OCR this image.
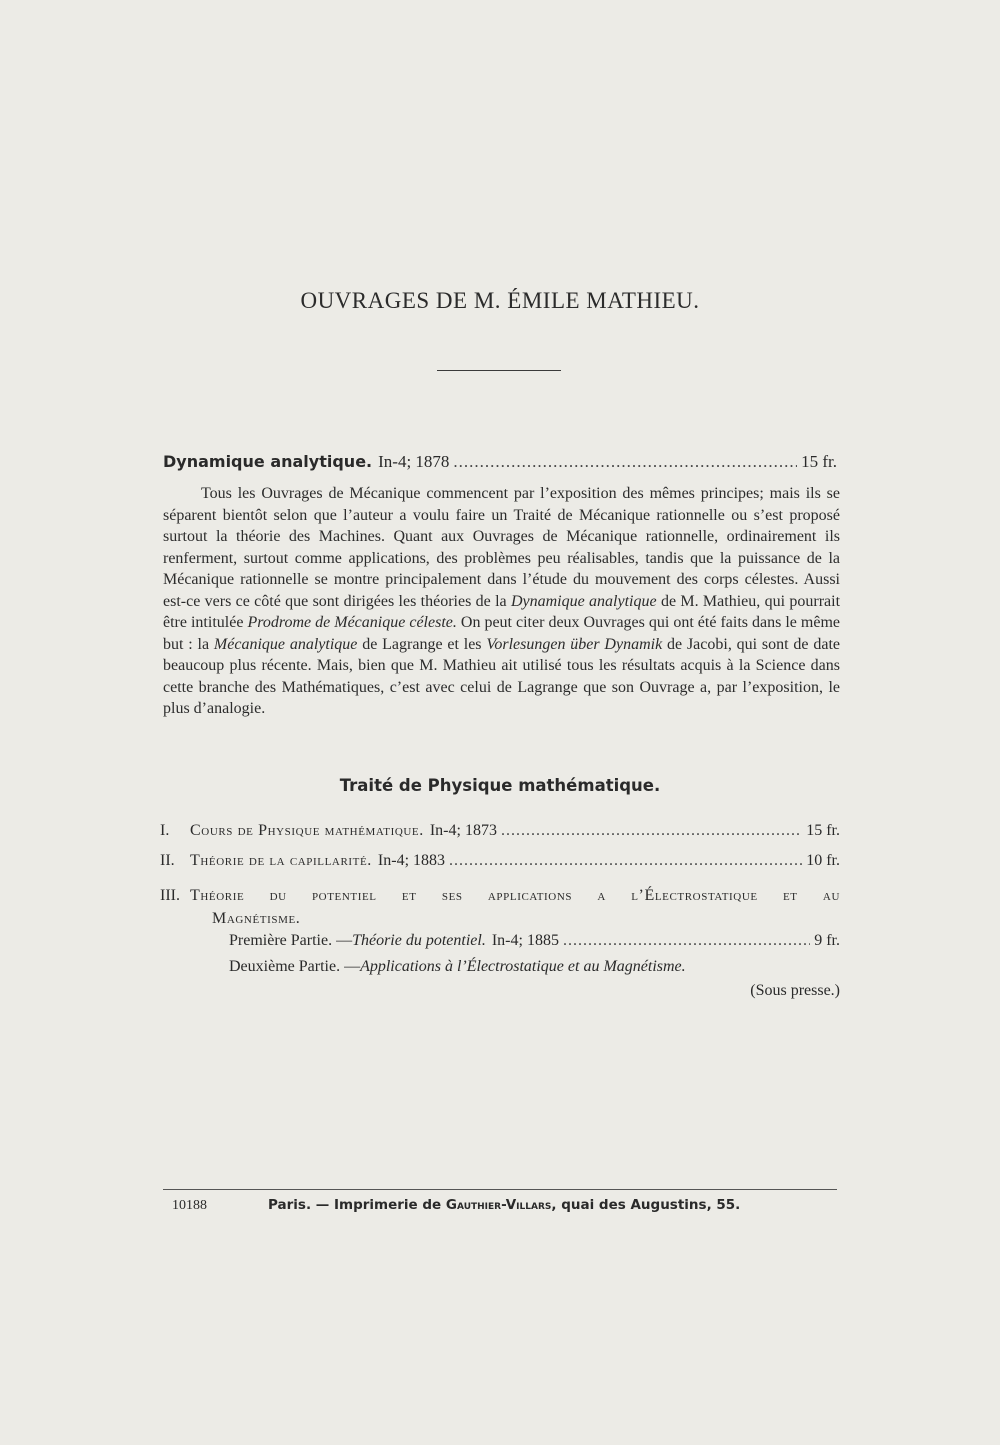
OUVRAGES DE M. ÉMILE MATHIEU.
Dynamique analytique. In-4; 1878 .....	15 fr.
Tous les Ouvrages de Mécanique commencent par l’exposition des mêmes principes; mais ils se séparent bientôt selon que l’auteur a voulu faire un Traité de Mécanique rationnelle ou s’est proposé surtout la théorie des Machines. Quant aux Ouvrages de Mécanique rationnelle, ordinairement ils renferment, surtout comme applications, des problèmes peu réalisables, tandis que la puissance de la Mécanique rationnelle se montre principalement dans l’étude du mouvement des corps célestes. Aussi est-ce vers ce côté que sont dirigées les théories de la Dynamique analytique de M. Mathieu, qui pourrait être intitulée Prodrome de Mécanique céleste. On peut citer deux Ouvrages qui ont été faits dans le même but : la Mécanique analytique de Lagrange et les Vorlesungen über Dynamik de Jacobi, qui sont de date beaucoup plus récente. Mais, bien que M. Mathieu ait utilisé tous les résultats acquis à la Science dans cette branche des Mathématiques, c’est avec celui de Lagrange que son Ouvrage a, par l’exposition, le plus d’analogie.
Traité de Physique mathématique.
I.	Cours de Physique mathématique. In-4; 1873 .....	15 fr.
II. Théorie de la capillarité. In-4; 1883 .....	10 fr.
III. Théorie du potentiel et ses applications a l’Électrostatique et au
Magnétisme.
Première Partie. — Théorie du potentiel. In-4; 1885 .....	9 fr.
Deuxième Partie. — Applications à l’Électrostatique et au Magnétisme.
(Sous presse.)
10188	Paris. — Imprimerie de Gauthier-Villars, quai des Augustins, 55.
